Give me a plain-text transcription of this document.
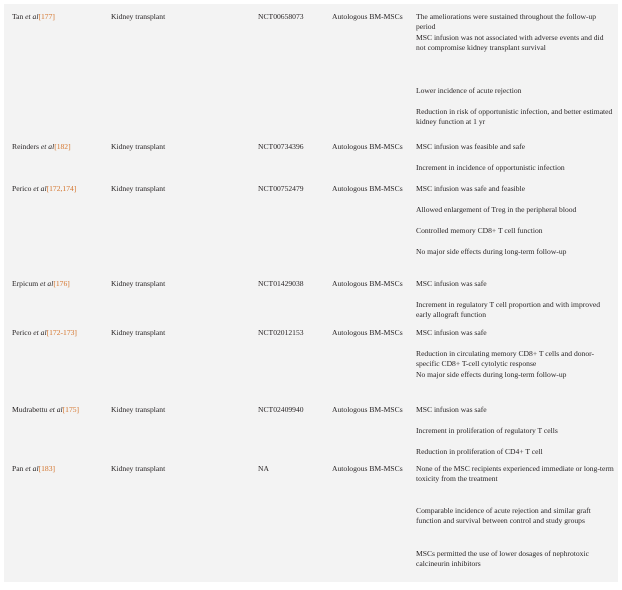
Tan et al[177]	Kidney transplant	NCT00658073	Autologous BM-MSCs	The ameliorations were sustained throughout the follow-up period
MSC infusion was not associated with adverse events and did not compromise kidney transplant survival
Lower incidence of acute rejection
Reduction in risk of opportunistic infection, and better estimated kidney function at 1 yr
Reinders et al[182]	Kidney transplant	NCT00734396	Autologous BM-MSCs	MSC infusion was feasible and safe
Increment in incidence of opportunistic infection
Perico et al[172,174]	Kidney transplant	NCT00752479	Autologous BM-MSCs	MSC infusion was safe and feasible
Allowed enlargement of Treg in the peripheral blood
Controlled memory CD8+ T cell function
No major side effects during long-term follow-up
Erpicum et al[176]	Kidney transplant	NCT01429038	Autologous BM-MSCs	MSC infusion was safe
Increment in regulatory T cell proportion and with improved early allograft function
Perico et al[172-173]	Kidney transplant	NCT02012153	Autologous BM-MSCs	MSC infusion was safe
Reduction in circulating memory CD8+ T cells and donor-specific CD8+ T-cell cytolytic response
No major side effects during long-term follow-up
Mudrabettu et al[175]	Kidney transplant	NCT02409940	Autologous BM-MSCs	MSC infusion was safe
Increment in proliferation of regulatory T cells
Reduction in proliferation of CD4+ T cell
Pan et al[183]	Kidney transplant	NA	Autologous BM-MSCs	None of the MSC recipients experienced immediate or long-term toxicity from the treatment
Comparable incidence of acute rejection and similar graft function and survival between control and study groups
MSCs permitted the use of lower dosages of nephrotoxic calcineurin inhibitors
